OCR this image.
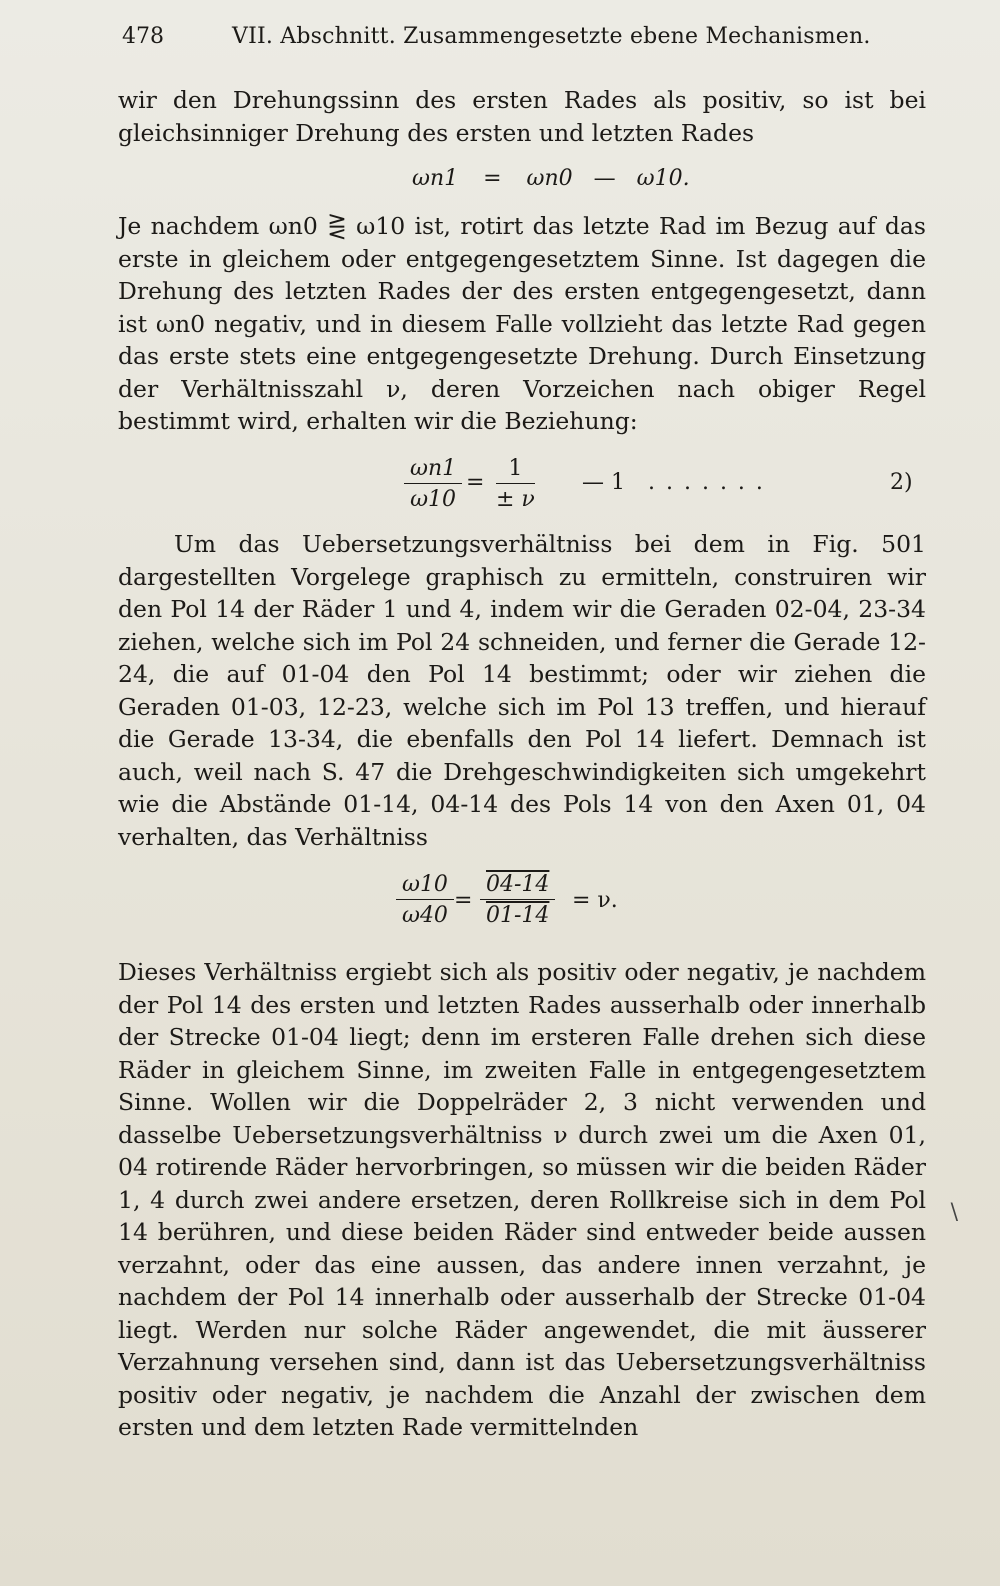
478	VII. Abschnitt. Zusammengesetzte ebene Mechanismen.

wir den Drehungssinn des ersten Rades als positiv, so ist bei gleichsinniger Drehung des ersten und letzten Rades

ωn1 = ωn0 — ω10.

Je nachdem ωn0 ⋛ ω10 ist, rotirt das letzte Rad im Bezug auf das erste in gleichem oder entgegengesetztem Sinne. Ist dagegen die Drehung des letzten Rades der des ersten entgegengesetzt, dann ist ωn0 negativ, und in diesem Falle vollzieht das letzte Rad gegen das erste stets eine entgegengesetzte Drehung. Durch Einsetzung der Verhältnisszahl ν, deren Vorzeichen nach obiger Regel bestimmt wird, erhalten wir die Beziehung:

$\frac{\omega n1}{\omega 10} = \frac{1}{\pm \nu}$ — 1 . . . . . . .	2)

Um das Uebersetzungsverhältniss bei dem in Fig. 501 dargestellten Vorgelege graphisch zu ermitteln, construiren wir den Pol 14 der Räder 1 und 4, indem wir die Geraden 02-04, 23-34 ziehen, welche sich im Pol 24 schneiden, und ferner die Gerade 12-24, die auf 01-04 den Pol 14 bestimmt; oder wir ziehen die Geraden 01-03, 12-23, welche sich im Pol 13 treffen, und hierauf die Gerade 13-34, die ebenfalls den Pol 14 liefert. Demnach ist auch, weil nach S. 47 die Drehgeschwindigkeiten sich umgekehrt wie die Abstände 01-14, 04-14 des Pols 14 von den Axen 01, 04 verhalten, das Verhältniss

$\frac{\omega 10}{\omega 40} = \frac{04-14}{01-14} = \nu$.

Dieses Verhältniss ergiebt sich als positiv oder negativ, je nachdem der Pol 14 des ersten und letzten Rades ausserhalb oder innerhalb der Strecke 01-04 liegt; denn im ersteren Falle drehen sich diese Räder in gleichem Sinne, im zweiten Falle in entgegengesetztem Sinne. Wollen wir die Doppelräder 2, 3 nicht verwenden und dasselbe Uebersetzungsverhältniss ν durch zwei um die Axen 01, 04 rotirende Räder hervorbringen, so müssen wir die beiden Räder 1, 4 durch zwei andere ersetzen, deren Rollkreise sich in dem Pol 14 berühren, und diese beiden Räder sind entweder beide aussen verzahnt, oder das eine aussen, das andere innen verzahnt, je nachdem der Pol 14 innerhalb oder ausserhalb der Strecke 01-04 liegt. Werden nur solche Räder angewendet, die mit äusserer Verzahnung versehen sind, dann ist das Uebersetzungsverhältniss positiv oder negativ, je nachdem die Anzahl der zwischen dem ersten und dem letzten Rade vermittelnden

\
